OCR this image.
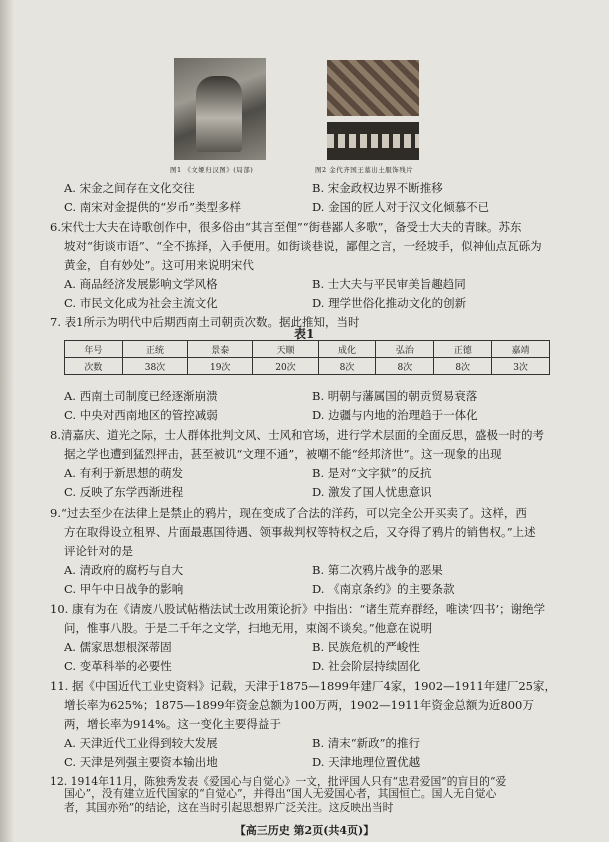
图1 《文姬归汉图》(局部)	图2 金代齐国王墓出土服饰残片
A. 宋金之间存在文化交往	B. 宋金政权边界不断推移
C. 南宋对金提供的“岁币”类型多样	D. 金国的匠人对于汉文化倾慕不已
6.宋代士大夫在诗歌创作中，很多俗由“其言至俚”“街巷鄙人多歌”，备受士大夫的青睐。苏东
坡对“街谈市语”、“全不拣择，入手便用。如街谈巷说，鄙俚之言，一经坡手，似神仙点瓦砾为
黄金，自有妙处”。这可用来说明宋代
A. 商品经济发展影响文学风格	B. 士大夫与平民审美旨趣趋同
C. 市民文化成为社会主流文化	D. 理学世俗化推动文化的创新
7. 表1所示为明代中后期西南土司朝贡次数。据此推知，当时
表1
年号	正统	景泰	天顺	成化	弘治	正德	嘉靖
次数	38次	19次	20次	8次	8次	8次	3次
A. 西南土司制度已经逐渐崩溃	B. 明朝与藩属国的朝贡贸易衰落
C. 中央对西南地区的管控减弱	D. 边疆与内地的治理趋于一体化
8.清嘉庆、道光之际，士人群体批判文风、士风和官场，进行学术层面的全面反思，盛极一时的考
据之学也遭到猛烈抨击，甚至被讥“文理不通”，被嘲不能“经邦济世”。这一现象的出现
A. 有利于新思想的萌发	B. 是对“文字狱”的反抗
C. 反映了东学西渐进程	D. 激发了国人忧患意识
9.“过去至少在法律上是禁止的鸦片，现在变成了合法的洋药，可以完全公开买卖了。这样，西
方在取得设立租界、片面最惠国待遇、领事裁判权等特权之后，又夺得了鸦片的销售权。”上述
评论针对的是
A. 清政府的腐朽与自大	B. 第二次鸦片战争的恶果
C. 甲午中日战争的影响	D. 《南京条约》的主要条款
10. 康有为在《请废八股试帖楷法试士改用策论折》中指出：“诸生荒弃群经，唯读‘四书’；谢绝学
问，惟事八股。于是二千年之文学，扫地无用，束阁不谈矣。”他意在说明
A. 儒家思想根深蒂固	B. 民族危机的严峻性
C. 变革科举的必要性	D. 社会阶层持续固化
11. 据《中国近代工业史资料》记载，天津于1875—1899年建厂4家，1902—1911年建厂25家，
增长率为625%；1875—1899年资金总额为100万两，1902—1911年资金总额为近800万
两，增长率为914%。这一变化主要得益于
A. 天津近代工业得到较大发展	B. 清末“新政”的推行
C. 天津是列强主要资本输出地	D. 天津地理位置优越
12. 1914年11月，陈独秀发表《爱国心与自觉心》一文，批评国人只有“忠君爱国”的盲目的“爱
【高三历史 第2页(共4页)】
国心”，没有建立近代国家的“自觉心”，并得出“国人无爱国心者，其国恒亡。国人无自觉心
者，其国亦殆”的结论，这在当时引起思想界广泛关注。这反映出当时
